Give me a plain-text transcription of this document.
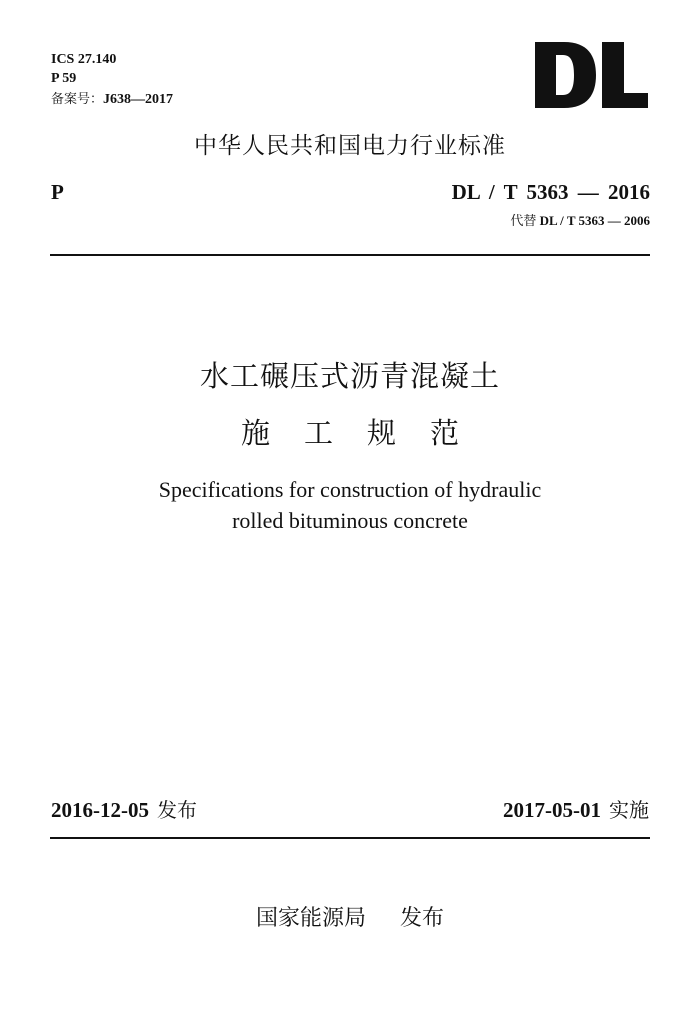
ICS 27.140
P 59
备案号：J638—2017
中华人民共和国电力行业标准
P	DL / T 5363 — 2016
代替 DL / T 5363 — 2006
水工碾压式沥青混凝土
施工规范
Specifications for construction of hydraulic
rolled bituminous concrete
2016-12-05 发布	2017-05-01 实施
国家能源局 发布
